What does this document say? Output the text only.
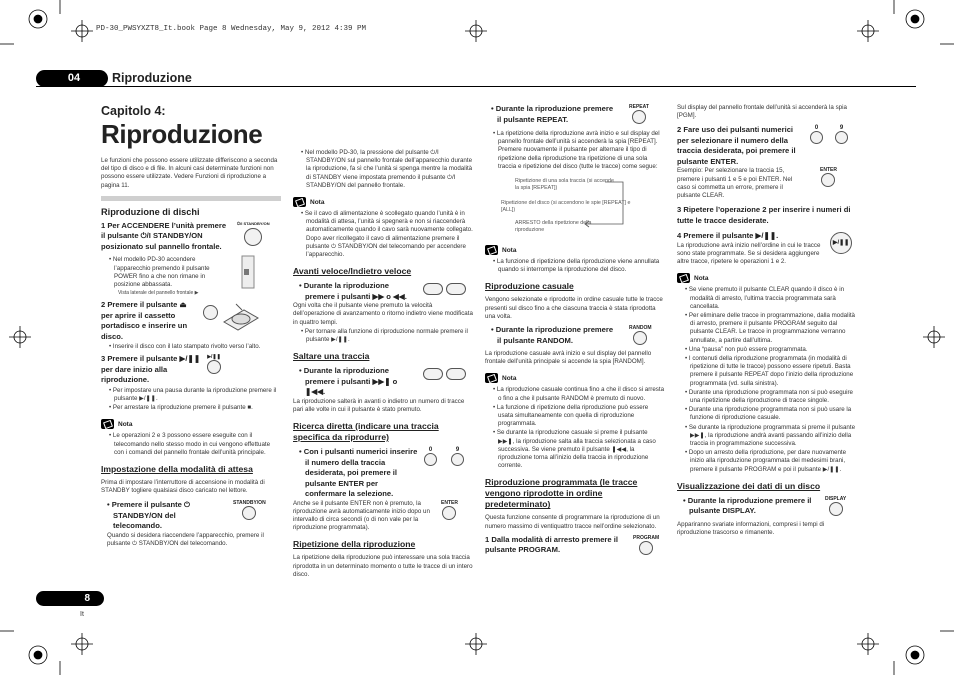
PD-30_PWSYXZT8_It.book Page 8 Wednesday, May 9, 2012 4:39 PM
04	Riproduzione
8
It
Capitolo 4:
Riproduzione
Le funzioni che possono essere utilizzate differiscono a seconda del tipo di disco e di file. In alcuni casi determinate funzioni non possono essere utilizzate. Vedere Funzioni di riproduzione a pagina 11.
Riproduzione di dischi
1 Per ACCENDERE l’unità premere il pulsante ⏻/I STANDBY/ON posizionato sul pannello frontale.
⏻/I STANDBY/ON
• Nel modello PD-30 accendere l’apparecchio premendo il pulsante POWER fino a che non rimane in posizione abbassata.
Vista laterale del pannello frontale ▶
2 Premere il pulsante ⏏ per aprire il cassetto portadisco e inserire un disco.
• Inserire il disco con il lato stampato rivolto verso l’alto.
3 Premere il pulsante ▶/❚❚ per dare inizio alla riproduzione.
▶/❚❚
• Per impostare una pausa durante la riproduzione premere il pulsante ▶/❚❚.
• Per arrestare la riproduzione premere il pulsante ■.
Nota
• Le operazioni 2 e 3 possono essere eseguite con il telecomando nello stesso modo in cui vengono effettuate con i comandi del pannello frontale dell’unità principale.
Impostazione della modalità di attesa
Prima di impostare l’interruttore di accensione in modalità di STANDBY togliere qualsiasi disco caricato nel lettore.
• Premere il pulsante ⏻ STANDBY/ON del telecomando.
STANDBY/ON
Quando si desidera riaccendere l’apparecchio, premere il pulsante ⏻ STANDBY/ON del telecomando.
• Nel modello PD-30, la pressione del pulsante ⏻/I STANDBY/ON sul pannello frontale dell’apparecchio durante la riproduzione, fa sì che l’unità si spenga mentre la modalità di STANDBY viene impostata premendo il pulsante ⏻/I STANDBY/ON del pannello frontale.
Nota
• Se il cavo di alimentazione è scollegato quando l’unità è in modalità di attesa, l’unità si spegnerà e non si riaccenderà automaticamente quando il cavo sarà nuovamente collegato. Dopo aver ricollegato il cavo di alimentazione premere il pulsante ⏻ STANDBY/ON del telecomando per accendere l’apparecchio.
Avanti veloce/Indietro veloce
• Durante la riproduzione premere i pulsanti ▶▶ o ◀◀.
Ogni volta che il pulsante viene premuto la velocità dell’operazione di avanzamento o ritorno indietro viene modificata in quattro tempi.
• Per tornare alla funzione di riproduzione normale premere il pulsante ▶/❚❚.
Saltare una traccia
• Durante la riproduzione premere i pulsanti ▶▶❚ o ❚◀◀.
La riproduzione salterà in avanti o indietro un numero di tracce pari alle volte in cui il pulsante è stato premuto.
Ricerca diretta (indicare una traccia specifica da riprodurre)
• Con i pulsanti numerici inserire il numero della traccia desiderata, poi premere il pulsante ENTER per confermare la selezione.
0	9
Anche se il pulsante ENTER non è premuto, la riproduzione avrà automaticamente inizio dopo un intervallo di circa secondi (o di non vale per la riproduzione programmata).
ENTER
Ripetizione della riproduzione
La ripetizione della riproduzione può interessare una sola traccia riprodotta in un determinato momento o tutte le tracce di un intero disco.
• Durante la riproduzione premere il pulsante REPEAT.
REPEAT
• La ripetizione della riproduzione avrà inizio e sul display del pannello frontale dell’unità si accenderà la spia [REPEAT]. Premere nuovamente il pulsante per alternare il tipo di ripetizione della riproduzione tra ripetizione di una sola traccia e ripetizione del disco (tutte le tracce) come segue:
Ripetizione di una sola traccia (si accende la spia [REPEAT])
Ripetizione del disco (si accendono le spie [REPEAT] e [ALL])
ARRESTO della ripetizione della riproduzione
Nota
• La funzione di ripetizione della riproduzione viene annullata quando si interrompe la riproduzione del disco.
Riproduzione casuale
Vengono selezionate e riprodotte in ordine casuale tutte le tracce presenti sul disco fino a che ciascuna traccia è stata riprodotta una volta.
• Durante la riproduzione premere il pulsante RANDOM.
RANDOM
La riproduzione casuale avrà inizio e sul display del pannello frontale dell’unità principale si accende la spia [RANDOM].
Nota
• La riproduzione casuale continua fino a che il disco si arresta o fino a che il pulsante RANDOM è premuto di nuovo.
• La funzione di ripetizione della riproduzione può essere usata simultaneamente con quella di riproduzione programmata.
• Se durante la riproduzione casuale si preme il pulsante ▶▶❚, la riproduzione salta alla traccia selezionata a caso successiva. Se viene premuto il pulsante ❚◀◀, la riproduzione torna all’inizio della traccia in riproduzione corrente.
Riproduzione programmata (le tracce vengono riprodotte in ordine predeterminato)
Questa funzione consente di programmare la riproduzione di un numero massimo di ventiquattro tracce nell’ordine selezionato.
1 Dalla modalità di arresto premere il pulsante PROGRAM.
PROGRAM
Sul display del pannello frontale dell’unità si accenderà la spia [PGM].
2 Fare uso dei pulsanti numerici per selezionare il numero della traccia desiderata, poi premere il pulsante ENTER.
0	9
Esempio: Per selezionare la traccia 15, premere i pulsanti 1 e 5 e poi ENTER. Nel caso si commetta un errore, premere il pulsante CLEAR.
ENTER
3 Ripetere l’operazione 2 per inserire i numeri di tutte le tracce desiderate.
4 Premere il pulsante ▶/❚❚.
La riproduzione avrà inizio nell’ordine in cui le tracce sono state programmate. Se si desidera aggiungere altre tracce, ripetere le operazioni 1 e 2.
▶/❚❚
Nota
• Se viene premuto il pulsante CLEAR quando il disco è in modalità di arresto, l’ultima traccia programmata sarà cancellata.
• Per eliminare delle tracce in programmazione, dalla modalità di arresto, premere il pulsante PROGRAM seguito dal pulsante CLEAR. Le tracce in programmazione verranno annullate, a partire dall’ultima.
• Una “pausa” non può essere programmata.
• I contenuti della riproduzione programmata (in modalità di ripetizione di tutte le tracce) possono essere ripetuti. Basta premere il pulsante REPEAT dopo l’inizio della riproduzione programmata (vd. sulla sinistra).
• Durante una riproduzione programmata non si può eseguire una ripetizione della riproduzione di tracce singole.
• Durante una riproduzione programmata non si può usare la funzione di riproduzione casuale.
• Se durante la riproduzione programmata si preme il pulsante ▶▶❚, la riproduzione andrà avanti passando all’inizio della traccia in programmazione successiva.
• Dopo un arresto della riproduzione, per dare nuovamente inizio alla riproduzione programmata dei medesimi brani, premere il pulsante PROGRAM e poi il pulsante ▶/❚❚.
Visualizzazione dei dati di un disco
• Durante la riproduzione premere il pulsante DISPLAY.
DISPLAY
Appariranno svariate informazioni, compresi i tempi di riproduzione trascorso e rimanente.
